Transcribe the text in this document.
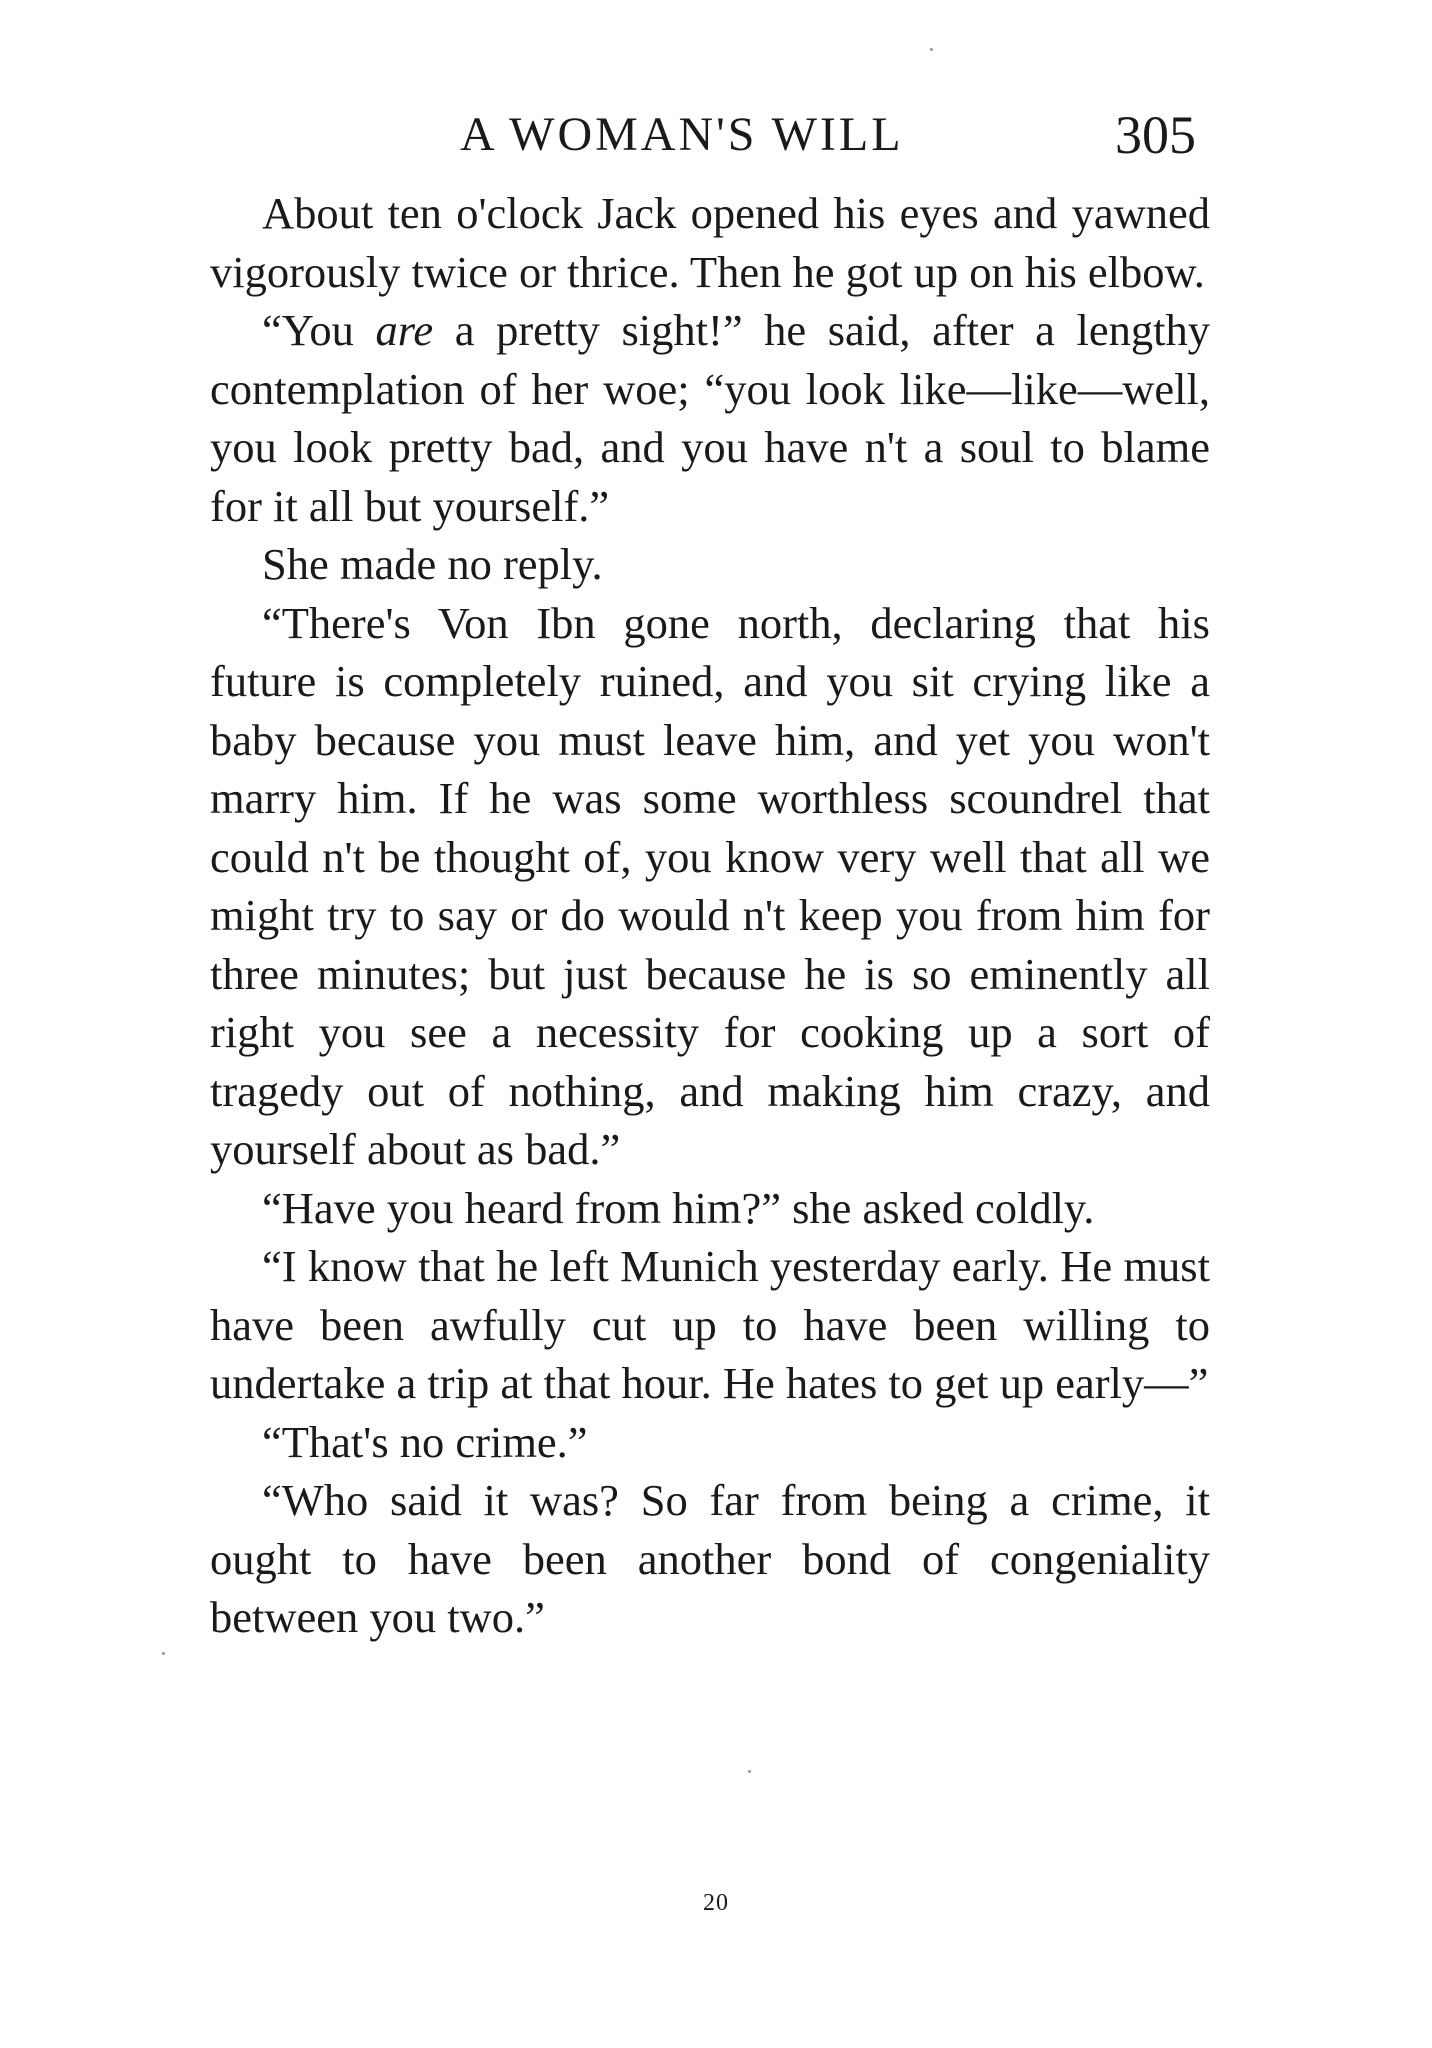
A WOMAN'S WILL	305

About ten o'clock Jack opened his eyes and yawned vigorously twice or thrice. Then he got up on his elbow.

“You are a pretty sight!” he said, after a lengthy contemplation of her woe; “you look like—like—well, you look pretty bad, and you have n't a soul to blame for it all but yourself.”

She made no reply.

“There's Von Ibn gone north, declaring that his future is completely ruined, and you sit crying like a baby because you must leave him, and yet you won't marry him. If he was some worthless scoundrel that could n't be thought of, you know very well that all we might try to say or do would n't keep you from him for three minutes; but just because he is so eminently all right you see a necessity for cooking up a sort of tragedy out of nothing, and making him crazy, and yourself about as bad.”

“Have you heard from him?” she asked coldly.

“I know that he left Munich yesterday early. He must have been awfully cut up to have been willing to undertake a trip at that hour. He hates to get up early—”

“That's no crime.”

“Who said it was? So far from being a crime, it ought to have been another bond of congeniality between you two.”

20
